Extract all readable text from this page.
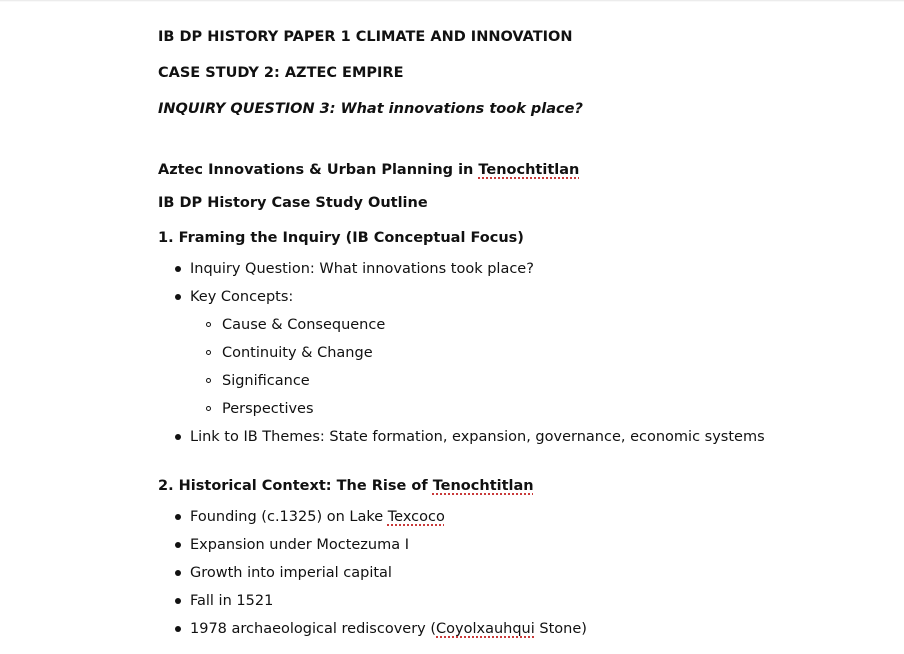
IB DP HISTORY PAPER 1 CLIMATE AND INNOVATION
CASE STUDY 2: AZTEC EMPIRE
INQUIRY QUESTION 3: What innovations took place?
Aztec Innovations & Urban Planning in Tenochtitlan
IB DP History Case Study Outline
1. Framing the Inquiry (IB Conceptual Focus)
Inquiry Question: What innovations took place?
Key Concepts:
Cause & Consequence
Continuity & Change
Significance
Perspectives
Link to IB Themes: State formation, expansion, governance, economic systems
2. Historical Context: The Rise of Tenochtitlan
Founding (c.1325) on Lake Texcoco
Expansion under Moctezuma I
Growth into imperial capital
Fall in 1521
1978 archaeological rediscovery (Coyolxauhqui Stone)
